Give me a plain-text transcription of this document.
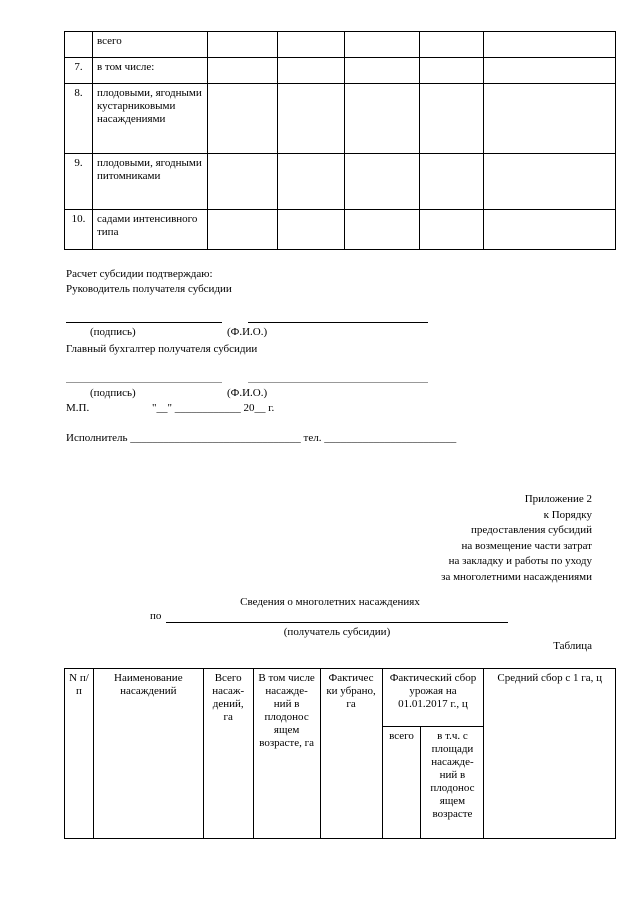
	всего					
7.	в том числе:					
8.	плодовыми, ягодными кустарниковыми насаждениями					
9.	плодовыми, ягодными питомниками					
10.	садами интенсивного типа					
Расчет субсидии подтверждаю:
Руководитель получателя субсидии
(подпись)	(Ф.И.О.)
Главный бухгалтер получателя субсидии
(подпись)	(Ф.И.О.)
М.П.	"__" ____________ 20__ г.
Исполнитель _______________________________ тел. ________________________
Приложение 2
к Порядку
предоставления субсидий
на возмещение части затрат
на закладку и работы по уходу
за многолетними насаждениями
Сведения о многолетних насаждениях
по
(получатель субсидии)
Таблица
N п/п	Наименование насаждений	Всего насаж-дений, га	В том числе насажде-ний в плодонос ящем возрасте, га	Фактичес ки убрано, га	Фактический сбор урожая на 01.01.2017 г., ц		Средний сбор с 1 га, ц
					всего	в т.ч. с площади насажде-ний в плодонос ящем возрасте	
